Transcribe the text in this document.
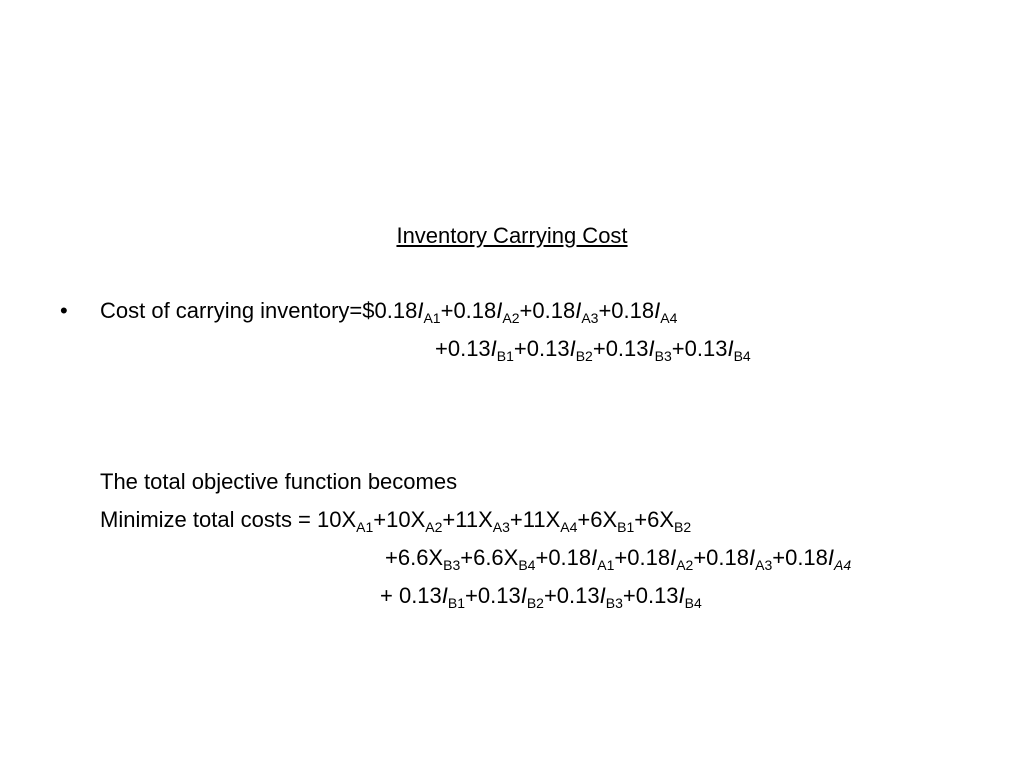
Inventory Carrying Cost
• Cost of carrying $inventory=\$0.18I_{A1}+0.18I_{A2}+0.18I_{A3}+0.18I_{A4}$

$+0.13I_{B1}+0.13I_{B2}+0.13I_{B3}+0.13I_{B4}$

The total objective function becomes

Minimize total costs = $10X_{A1}+10X_{A2}+11X_{A3}+11X_{A4}+6X_{B1}+6X_{B2}$

$+6.6X_{B3}+6.6X_{B4}+0.18I_{A1}+0.18I_{A2}+0.18I_{A3}+0.18I_{A4}$

+ $0.13I_{B1}+0.13I_{B2}+0.13I_{B3}+0.13I_{B4}$
